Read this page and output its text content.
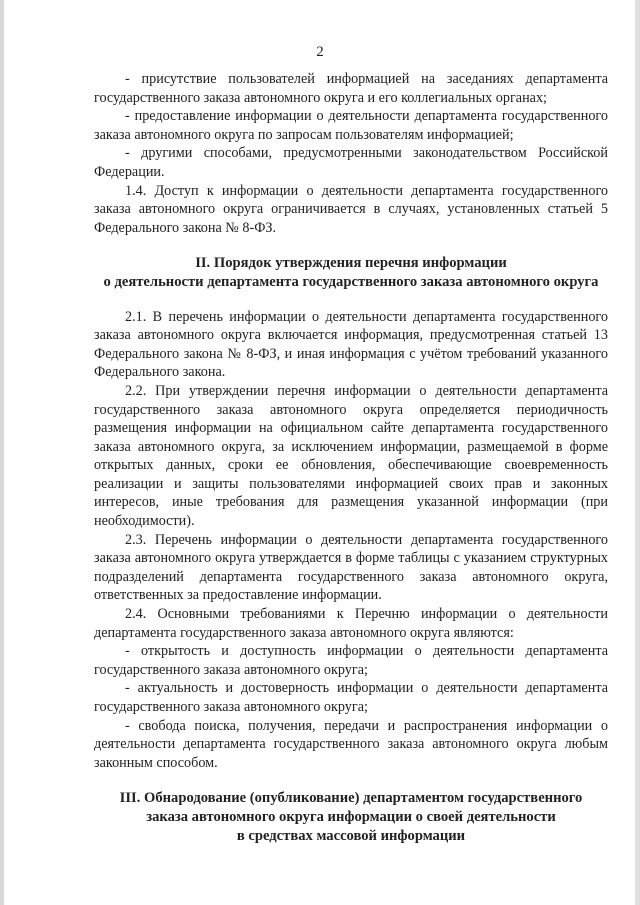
2

- присутствие пользователей информацией на заседаниях департамента государственного заказа автономного округа и его коллегиальных органах;

- предоставление информации о деятельности департамента государственного заказа автономного округа по запросам пользователям информацией;

- другими способами, предусмотренными законодательством Российской Федерации.

1.4. Доступ к информации о деятельности департамента государственного заказа автономного округа ограничивается в случаях, установленных статьей 5 Федерального закона № 8-ФЗ.

II. Порядок утверждения перечня информации
о деятельности департамента государственного заказа автономного округа

2.1. В перечень информации о деятельности департамента государственного заказа автономного округа включается информация, предусмотренная статьей 13 Федерального закона № 8-ФЗ, и иная информация с учётом требований указанного Федерального закона.

2.2. При утверждении перечня информации о деятельности департамента государственного заказа автономного округа определяется периодичность размещения информации на официальном сайте департамента государственного заказа автономного округа, за исключением информации, размещаемой в форме открытых данных, сроки ее обновления, обеспечивающие своевременность реализации и защиты пользователями информацией своих прав и законных интересов, иные требования для размещения указанной информации (при необходимости).

2.3. Перечень информации о деятельности департамента государственного заказа автономного округа утверждается в форме таблицы с указанием структурных подразделений департамента государственного заказа автономного округа, ответственных за предоставление информации.

2.4. Основными требованиями к Перечню информации о деятельности департамента государственного заказа автономного округа являются:

- открытость и доступность информации о деятельности департамента государственного заказа автономного округа;

- актуальность и достоверность информации о деятельности департамента государственного заказа автономного округа;

- свобода поиска, получения, передачи и распространения информации о деятельности департамента государственного заказа автономного округа любым законным способом.

III. Обнародование (опубликование) департаментом государственного
заказа автономного округа информации о своей деятельности
в средствах массовой информации
